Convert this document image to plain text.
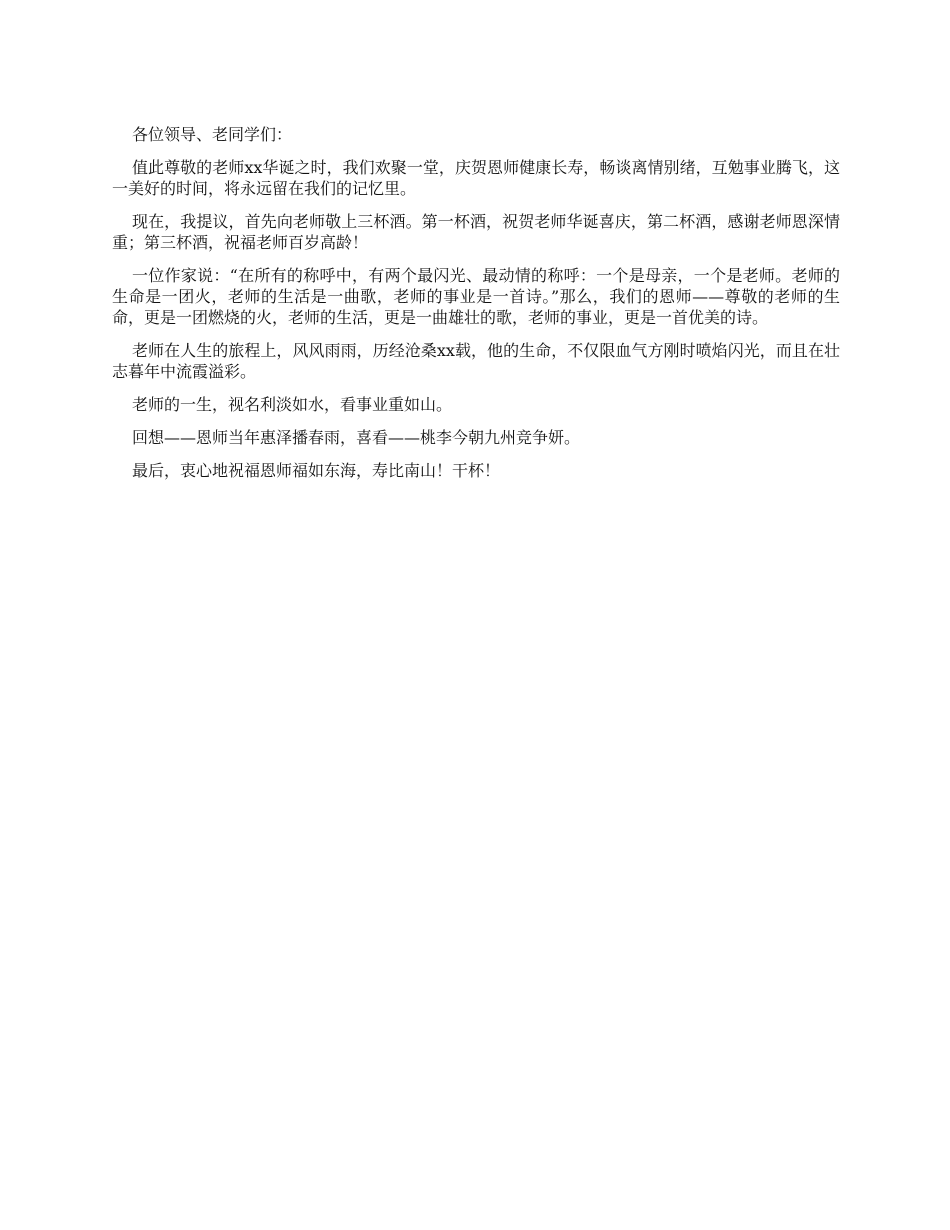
各位领导、老同学们：

值此尊敬的老师xx华诞之时，我们欢聚一堂，庆贺恩师健康长寿，畅谈离情别绪，互勉事业腾飞，这一美好的时间，将永远留在我们的记忆里。

现在，我提议，首先向老师敬上三杯酒。第一杯酒，祝贺老师华诞喜庆，第二杯酒，感谢老师恩深情重；第三杯酒，祝福老师百岁高龄！

一位作家说：“在所有的称呼中，有两个最闪光、最动情的称呼：一个是母亲，一个是老师。老师的生命是一团火，老师的生活是一曲歌，老师的事业是一首诗。”那么，我们的恩师——尊敬的老师的生命，更是一团燃烧的火，老师的生活，更是一曲雄壮的歌，老师的事业，更是一首优美的诗。

老师在人生的旅程上，风风雨雨，历经沧桑xx载，他的生命，不仅限血气方刚时喷焰闪光，而且在壮志暮年中流霞溢彩。

老师的一生，视名利淡如水，看事业重如山。

回想——恩师当年惠泽播春雨，喜看——桃李今朝九州竞争妍。

最后，衷心地祝福恩师福如东海，寿比南山！干杯！
